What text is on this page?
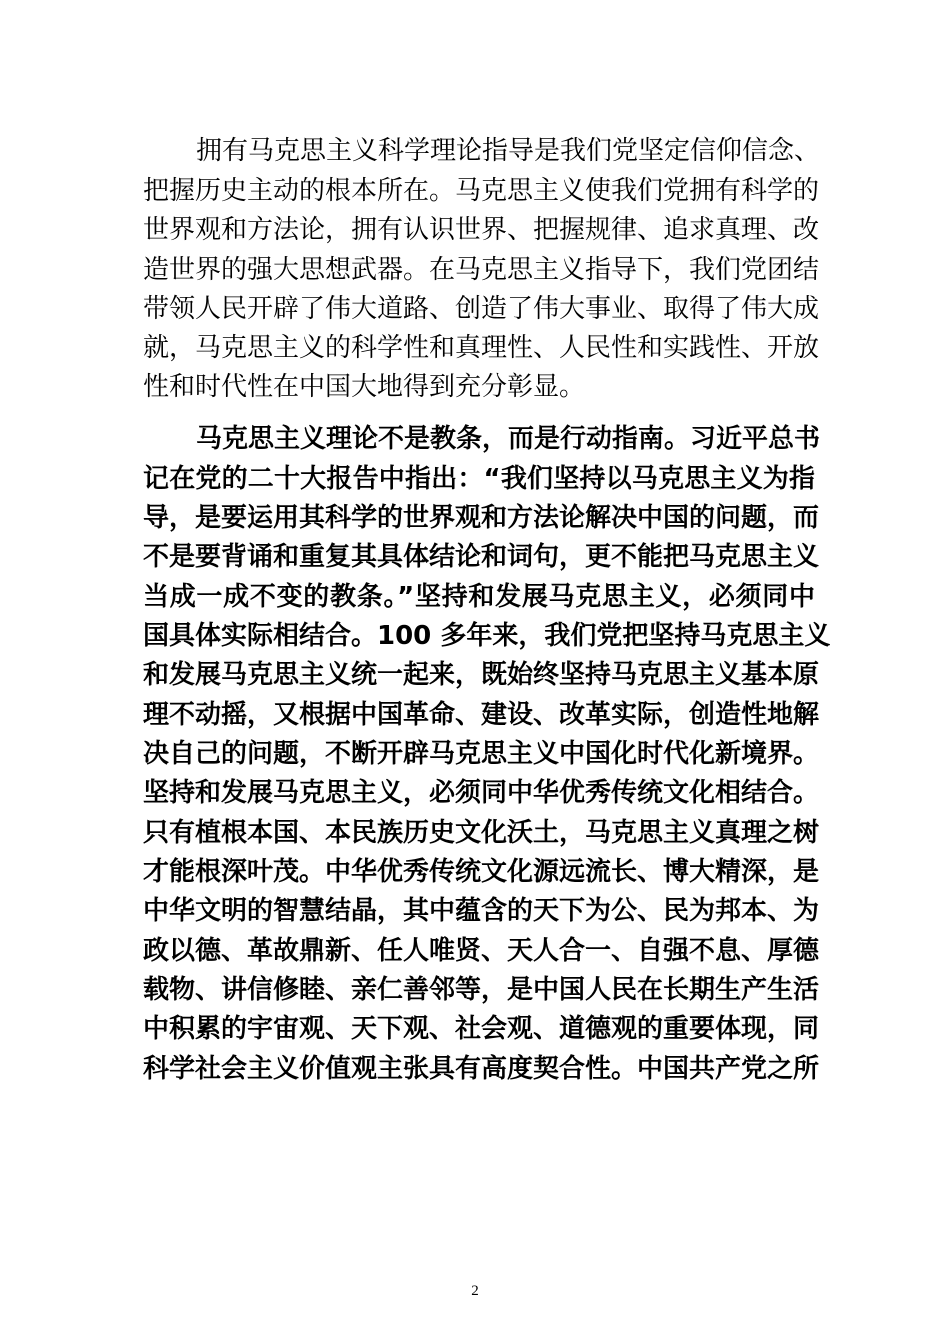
拥有马克思主义科学理论指导是我们党坚定信仰信念、
把握历史主动的根本所在。马克思主义使我们党拥有科学的
世界观和方法论，拥有认识世界、把握规律、追求真理、改
造世界的强大思想武器。在马克思主义指导下，我们党团结
带领人民开辟了伟大道路、创造了伟大事业、取得了伟大成
就，马克思主义的科学性和真理性、人民性和实践性、开放
性和时代性在中国大地得到充分彰显。
马克思主义理论不是教条，而是行动指南。习近平总书
记在党的二十大报告中指出：“我们坚持以马克思主义为指
导，是要运用其科学的世界观和方法论解决中国的问题，而
不是要背诵和重复其具体结论和词句，更不能把马克思主义
当成一成不变的教条。”坚持和发展马克思主义，必须同中
国具体实际相结合。100 多年来，我们党把坚持马克思主义
和发展马克思主义统一起来，既始终坚持马克思主义基本原
理不动摇，又根据中国革命、建设、改革实际，创造性地解
决自己的问题，不断开辟马克思主义中国化时代化新境界。
坚持和发展马克思主义，必须同中华优秀传统文化相结合。
只有植根本国、本民族历史文化沃土，马克思主义真理之树
才能根深叶茂。中华优秀传统文化源远流长、博大精深，是
中华文明的智慧结晶，其中蕴含的天下为公、民为邦本、为
政以德、革故鼎新、任人唯贤、天人合一、自强不息、厚德
载物、讲信修睦、亲仁善邻等，是中国人民在长期生产生活
中积累的宇宙观、天下观、社会观、道德观的重要体现，同
科学社会主义价值观主张具有高度契合性。中国共产党之所
2
